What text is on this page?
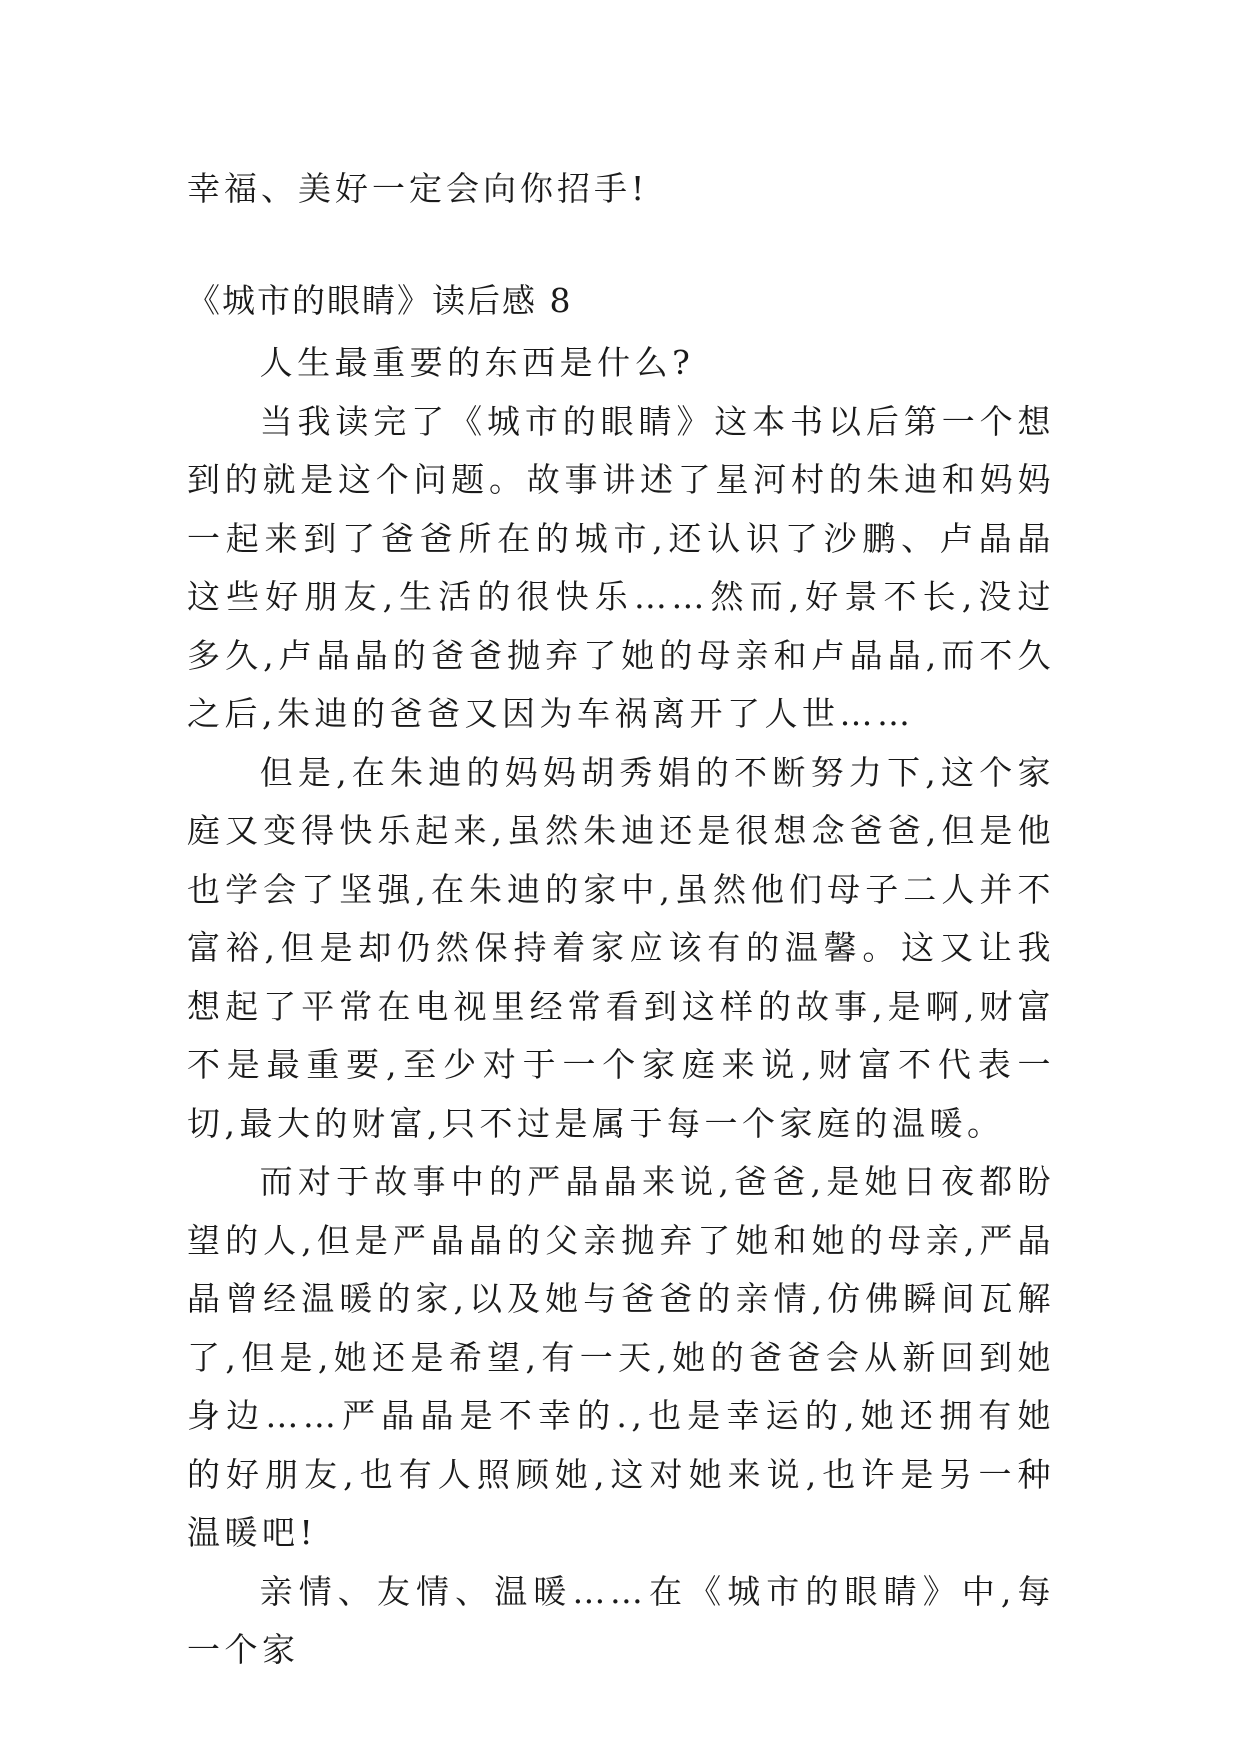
幸福、美好一定会向你招手!

《城市的眼睛》读后感 8

人生最重要的东西是什么?

当我读完了《城市的眼睛》这本书以后第一个想到的就是这个问题。故事讲述了星河村的朱迪和妈妈一起来到了爸爸所在的城市,还认识了沙鹏、卢晶晶这些好朋友,生活的很快乐……然而,好景不长,没过多久,卢晶晶的爸爸抛弃了她的母亲和卢晶晶,而不久之后,朱迪的爸爸又因为车祸离开了人世……

但是,在朱迪的妈妈胡秀娟的不断努力下,这个家庭又变得快乐起来,虽然朱迪还是很想念爸爸,但是他也学会了坚强,在朱迪的家中,虽然他们母子二人并不富裕,但是却仍然保持着家应该有的温馨。这又让我想起了平常在电视里经常看到这样的故事,是啊,财富不是最重要,至少对于一个家庭来说,财富不代表一切,最大的财富,只不过是属于每一个家庭的温暖。

而对于故事中的严晶晶来说,爸爸,是她日夜都盼望的人,但是严晶晶的父亲抛弃了她和她的母亲,严晶晶曾经温暖的家,以及她与爸爸的亲情,仿佛瞬间瓦解了,但是,她还是希望,有一天,她的爸爸会从新回到她身边……严晶晶是不幸的.,也是幸运的,她还拥有她的好朋友,也有人照顾她,这对她来说,也许是另一种温暖吧!

亲情、友情、温暖……在《城市的眼睛》中,每一个家
